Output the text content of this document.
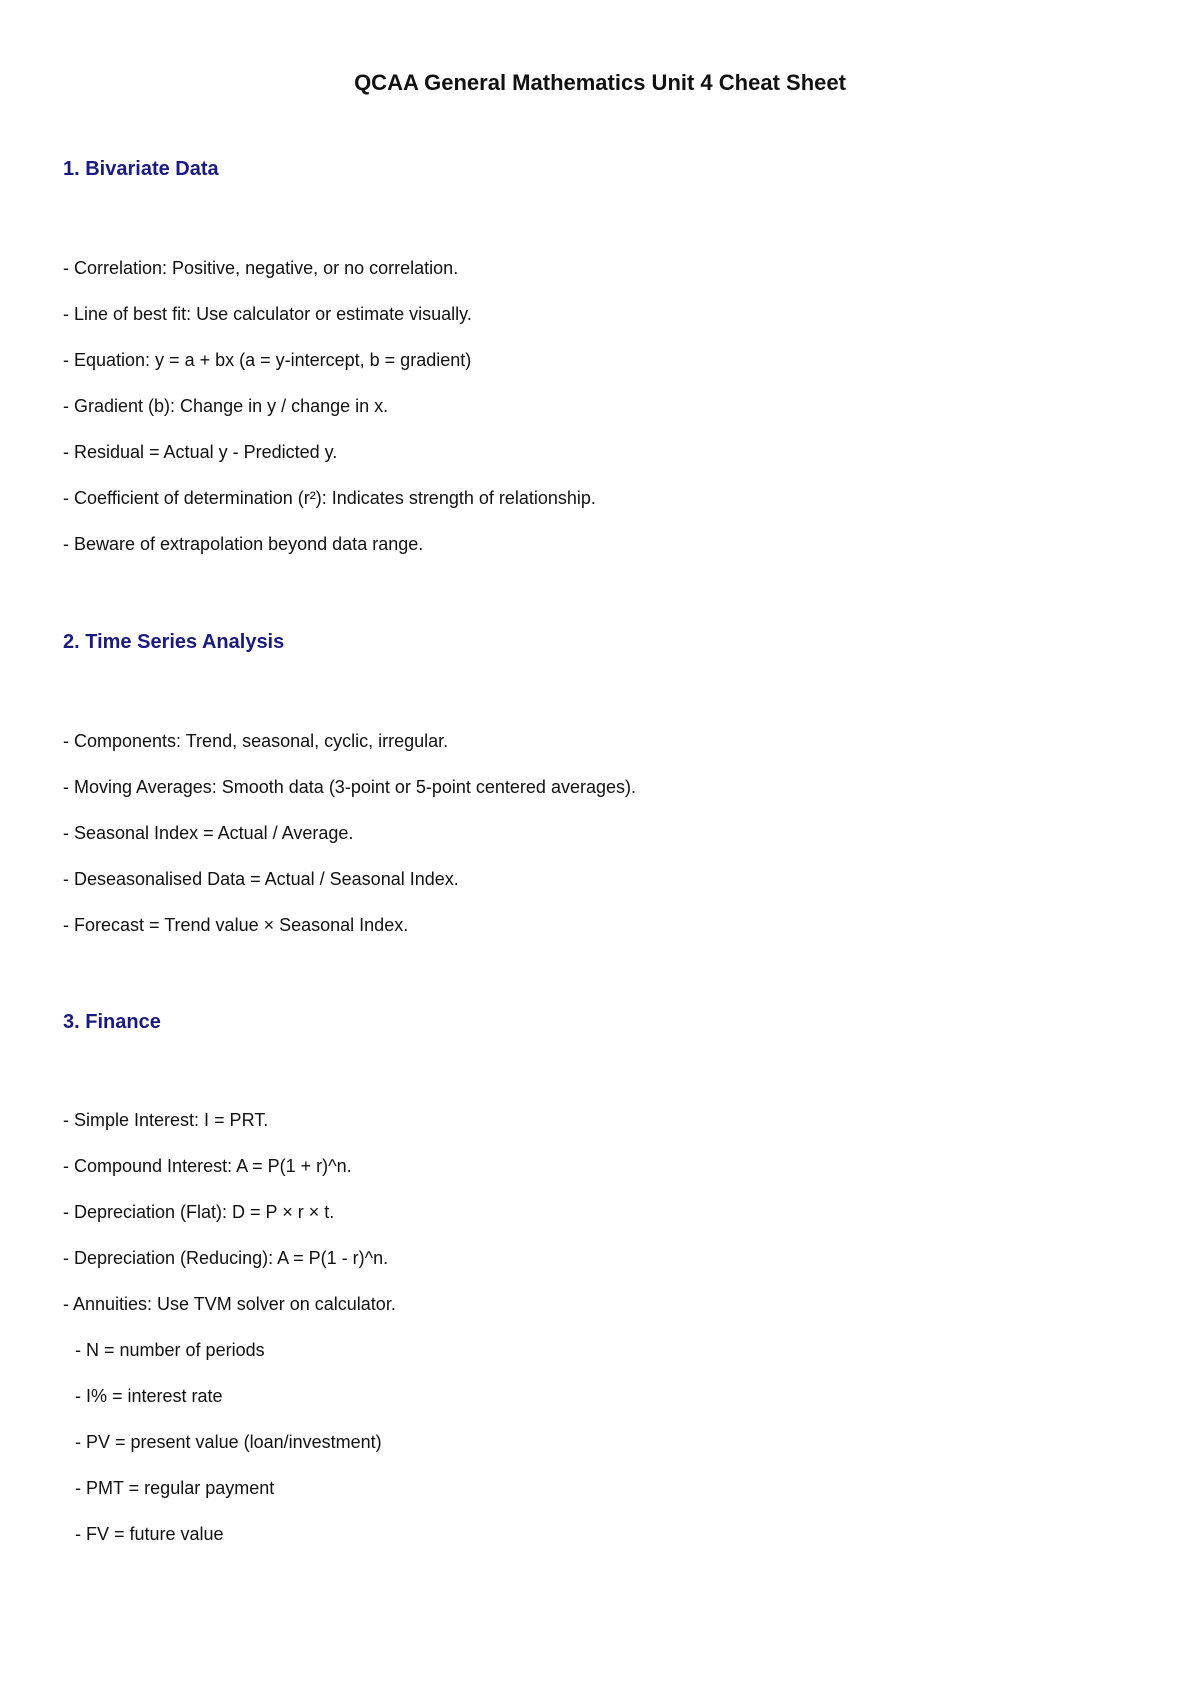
QCAA General Mathematics Unit 4 Cheat Sheet
1. Bivariate Data
- Correlation: Positive, negative, or no correlation.
- Line of best fit: Use calculator or estimate visually.
- Equation: y = a + bx (a = y-intercept, b = gradient)
- Gradient (b): Change in y / change in x.
- Residual = Actual y - Predicted y.
- Coefficient of determination (r²): Indicates strength of relationship.
- Beware of extrapolation beyond data range.
2. Time Series Analysis
- Components: Trend, seasonal, cyclic, irregular.
- Moving Averages: Smooth data (3-point or 5-point centered averages).
- Seasonal Index = Actual / Average.
- Deseasonalised Data = Actual / Seasonal Index.
- Forecast = Trend value × Seasonal Index.
3. Finance
- Simple Interest: I = PRT.
- Compound Interest: A = P(1 + r)^n.
- Depreciation (Flat): D = P × r × t.
- Depreciation (Reducing): A = P(1 - r)^n.
- Annuities: Use TVM solver on calculator.
- N = number of periods
- I% = interest rate
- PV = present value (loan/investment)
- PMT = regular payment
- FV = future value
